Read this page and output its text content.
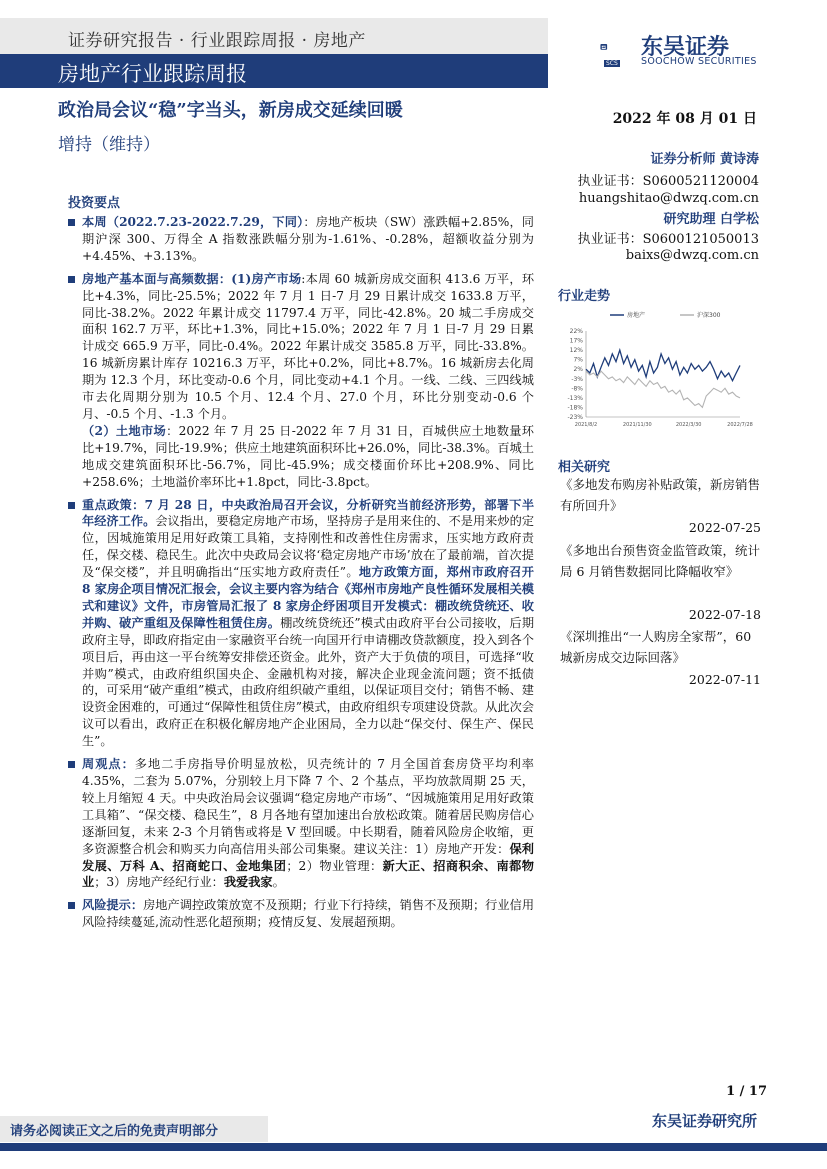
证券研究报告 · 行业跟踪周报 · 房地产
房地产行业跟踪周报
政治局会议“稳”字当头，新房成交延续回暖
增持（维持）
东吴证券
SOOCHOW SECURITIES
SCS
2022 年 08 月 01 日
证券分析师 黄诗涛
执业证书：S0600521120004
huangshitao@dwzq.com.cn
研究助理 白学松
执业证书：S0600121050013
baixs@dwzq.com.cn
投资要点
本周（2022.7.23-2022.7.29，下同）：房地产板块（SW）涨跌幅+2.85%，同期沪深 300、万得全 A 指数涨跌幅分别为-1.61%、-0.28%，超额收益分别为+4.45%、+3.13%。
房地产基本面与高频数据：(1)房产市场:本周 60 城新房成交面积 413.6 万平，环比+4.3%，同比-25.5%；2022 年 7 月 1 日-7 月 29 日累计成交 1633.8 万平，同比-38.2%。2022 年累计成交 11797.4 万平，同比-42.8%。20 城二手房成交面积 162.7 万平，环比+1.3%，同比+15.0%；2022 年 7 月 1 日-7 月 29 日累计成交 665.9 万平，同比-0.4%。2022 年累计成交 3585.8 万平，同比-33.8%。16 城新房累计库存 10216.3 万平，环比+0.2%，同比+8.7%。16 城新房去化周期为 12.3 个月，环比变动-0.6 个月，同比变动+4.1 个月。一线、二线、三四线城市去化周期分别为 10.5 个月、12.4 个月、27.0 个月，环比分别变动-0.6 个月、-0.5 个月、-1.3 个月。
（2）土地市场：2022 年 7 月 25 日-2022 年 7 月 31 日，百城供应土地数量环比+19.7%，同比-19.9%；供应土地建筑面积环比+26.0%，同比-38.3%。百城土地成交建筑面积环比-56.7%，同比-45.9%；成交楼面价环比+208.9%、同比+258.6%；土地溢价率环比+1.8pct，同比-3.8pct。
重点政策：7 月 28 日，中央政治局召开会议，分析研究当前经济形势，部署下半年经济工作。会议指出，要稳定房地产市场，坚持房子是用来住的、不是用来炒的定位，因城施策用足用好政策工具箱，支持刚性和改善性住房需求，压实地方政府责任，保交楼、稳民生。此次中央政局会议将‘稳定房地产市场’放在了最前端，首次提及“保交楼”，并且明确指出“压实地方政府责任”。地方政策方面，郑州市政府召开 8 家房企项目情况汇报会，会议主要内容为结合《郑州市房地产良性循环发展相关模式和建议》文件，市房管局汇报了 8 家房企纾困项目开发模式：棚改统贷统还、收并购、破产重组及保障性租赁住房。棚改统贷统还”模式由政府平台公司接收，后期政府主导，即政府指定由一家融资平台统一向国开行申请棚改贷款额度，投入到各个项目后，再由这一平台统筹安排偿还资金。此外，资产大于负债的项目，可选择“收并购”模式，由政府组织国央企、金融机构对接，解决企业现金流问题；资不抵债的，可采用“破产重组”模式，由政府组织破产重组，以保证项目交付；销售不畅、建设资金困难的，可通过“保障性租赁住房”模式，由政府组织专项建设贷款。从此次会议可以看出，政府正在积极化解房地产企业困局，全力以赴“保交付、保生产、保民生”。
周观点：多地二手房指导价明显放松，贝壳统计的 7 月全国首套房贷平均利率 4.35%，二套为 5.07%，分别较上月下降 7 个、2 个基点，平均放款周期 25 天，较上月缩短 4 天。中央政治局会议强调“稳定房地产市场”、“因城施策用足用好政策工具箱”、“保交楼、稳民生”，8 月各地有望加速出台放松政策。随着居民购房信心逐渐回复，未来 2-3 个月销售或将是 V 型回暖。中长期看，随着风险房企收缩，更多资源整合机会和购买力向高信用头部公司集聚。建议关注：1）房地产开发：保利发展、万科 A、招商蛇口、金地集团；2）物业管理：新大正、招商积余、南都物业；3）房地产经纪行业：我爱我家。
风险提示：房地产调控政策放宽不及预期；行业下行持续，销售不及预期；行业信用风险持续蔓延,流动性恶化超预期；疫情反复、发展超预期。
行业走势
22%
17%
12%
7%
2%
-3%
-8%
-13%
-18%
-23%
2021/8/2	2021/11/30	2022/3/30	2022/7/28
房地产	沪深300
相关研究
《多地发布购房补贴政策，新房销售有所回升》
2022-07-25
《多地出台预售资金监管政策，统计局 6 月销售数据同比降幅收窄》
2022-07-18
《深圳推出“一人购房全家帮”，60 城新房成交边际回落》
2022-07-11
1 / 17
东吴证券研究所
请务必阅读正文之后的免责声明部分
